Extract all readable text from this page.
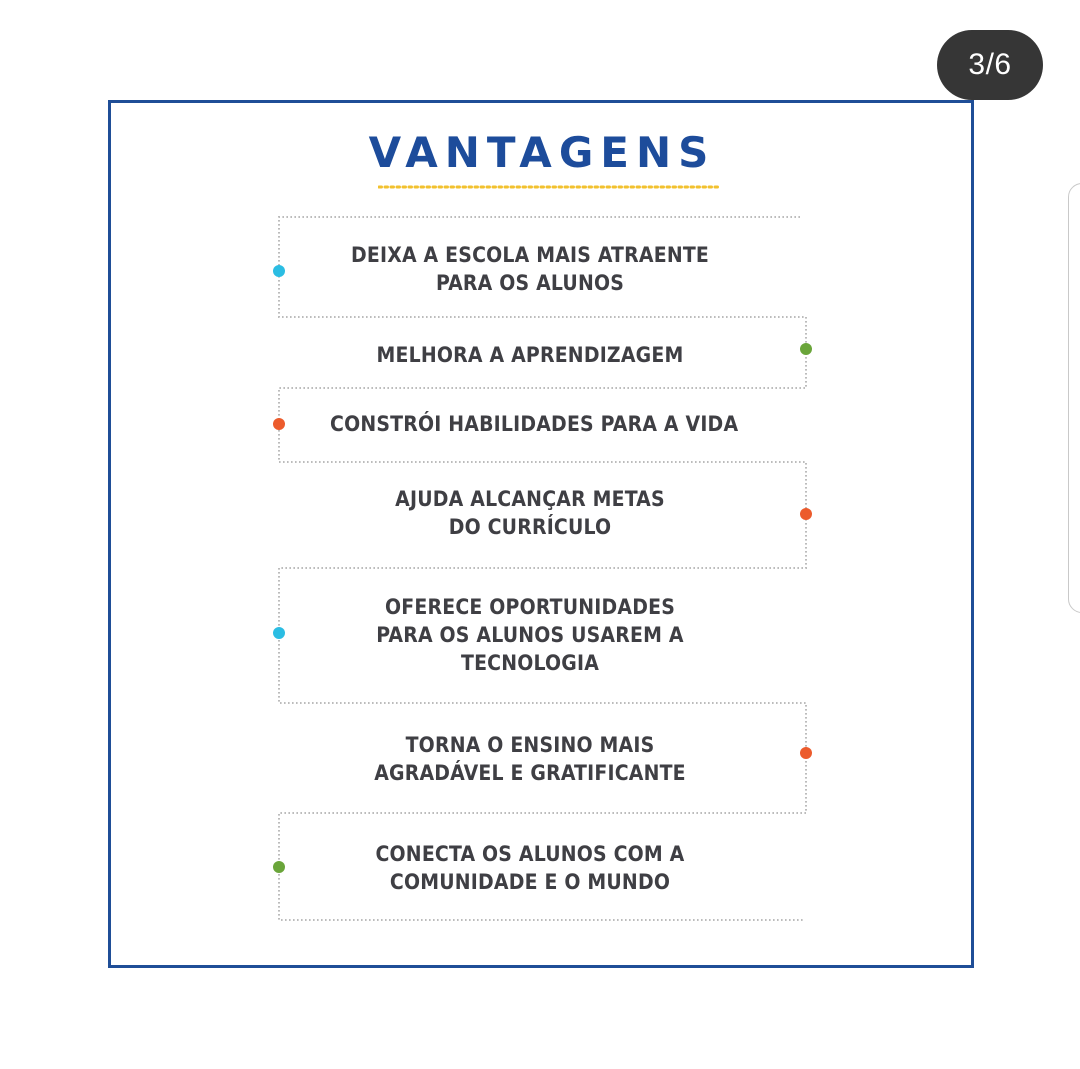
3/6
VANTAGENS
DEIXA A ESCOLA MAIS ATRAENTE
PARA OS ALUNOS
MELHORA A APRENDIZAGEM
CONSTRÓI HABILIDADES PARA A VIDA
AJUDA ALCANÇAR METAS
DO CURRÍCULO
OFERECE OPORTUNIDADES
PARA OS ALUNOS USAREM A
TECNOLOGIA
TORNA O ENSINO MAIS
AGRADÁVEL E GRATIFICANTE
CONECTA OS ALUNOS COM A
COMUNIDADE E O MUNDO
